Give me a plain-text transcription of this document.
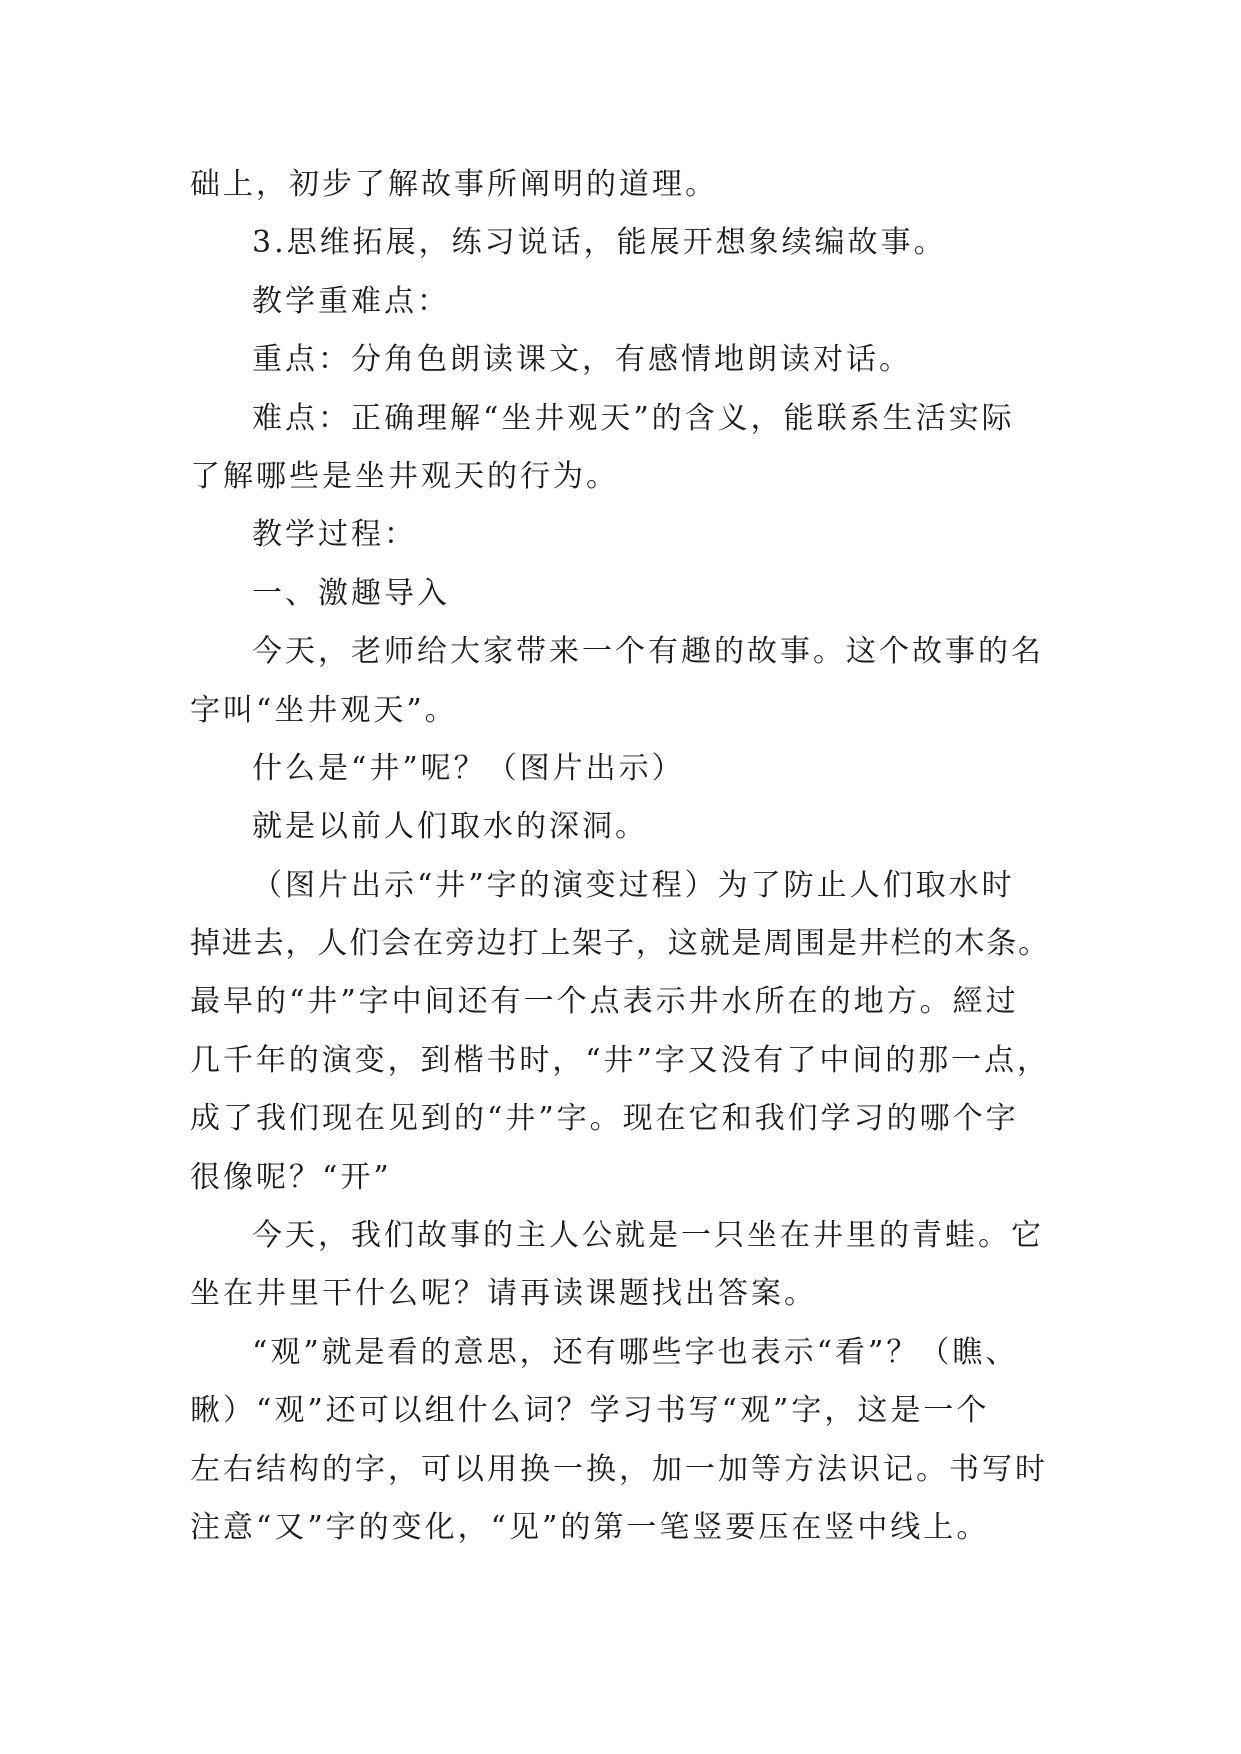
础上，初步了解故事所阐明的道理。
3.思维拓展，练习说话，能展开想象续编故事。
教学重难点：
重点：分角色朗读课文，有感情地朗读对话。
难点：正确理解“坐井观天”的含义，能联系生活实际
了解哪些是坐井观天的行为。
教学过程：
一、激趣导入
今天，老师给大家带来一个有趣的故事。这个故事的名
字叫“坐井观天”。
什么是“井”呢？（图片出示）
就是以前人们取水的深洞。
（图片出示“井”字的演变过程）为了防止人们取水时
掉进去，人们会在旁边打上架子，这就是周围是井栏的木条。
最早的“井”字中间还有一个点表示井水所在的地方。經过
几千年的演变，到楷书时，“井”字又没有了中间的那一点，
成了我们现在见到的“井”字。现在它和我们学习的哪个字
很像呢？“开”
今天，我们故事的主人公就是一只坐在井里的青蛙。它
坐在井里干什么呢？请再读课题找出答案。
“观”就是看的意思，还有哪些字也表示“看”？（瞧、
瞅）“观”还可以组什么词？学习书写“观”字，这是一个
左右结构的字，可以用换一换，加一加等方法识记。书写时
注意“又”字的变化，“见”的第一笔竖要压在竖中线上。
